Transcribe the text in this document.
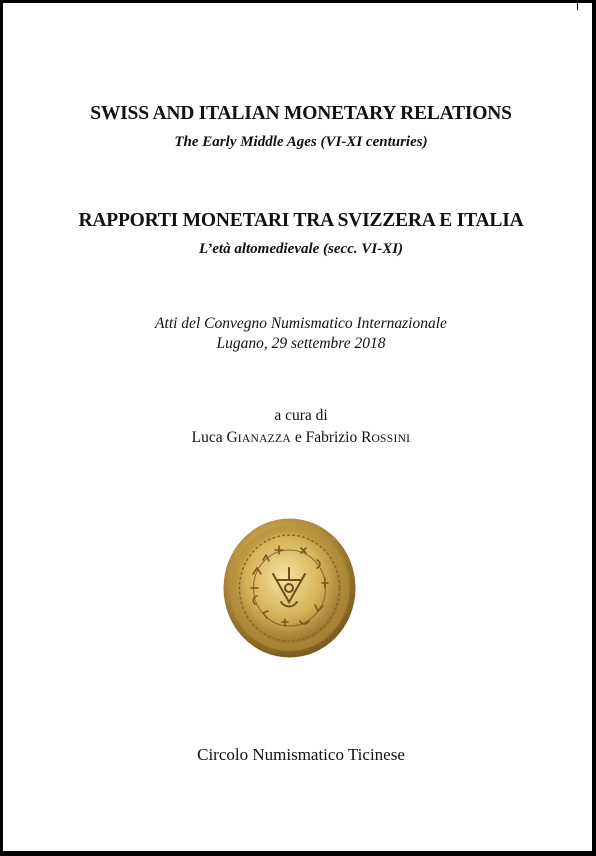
SWISS AND ITALIAN MONETARY RELATIONS
The Early Middle Ages (VI-XI centuries)
RAPPORTI MONETARI TRA SVIZZERA E ITALIA
L’età altomedievale (secc. VI-XI)
Atti del Convegno Numismatico Internazionale
Lugano, 29 settembre 2018
a cura di
Luca GIANAZZA e Fabrizio ROSSINI
Circolo Numismatico Ticinese
